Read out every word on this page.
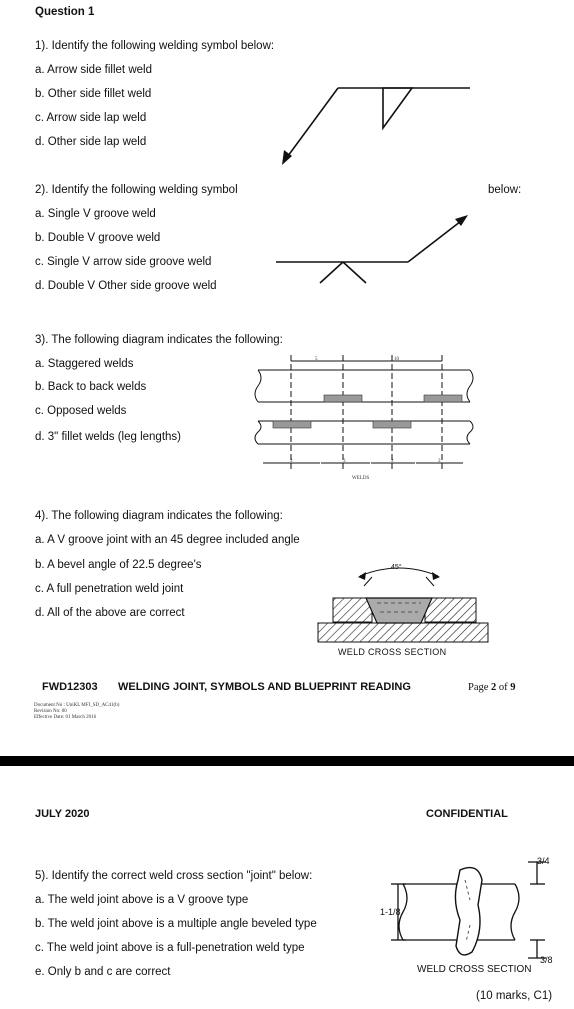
Question 1
1). Identify the following welding symbol below:
a. Arrow side fillet weld
b. Other side fillet weld
c. Arrow side lap weld
d. Other side lap weld
2). Identify the following welding symbol	below:
a. Single V groove weld
b. Double V groove weld
c. Single V arrow side groove weld
d. Double V Other side groove weld
3). The following diagram indicates the following:
a. Staggered welds
b. Back to back welds
c. Opposed welds
d. 3" fillet welds (leg lengths)
5	10
3	3	3	3
WELDS
4). The following diagram indicates the following:
a. A V groove joint with an 45 degree included angle
b. A bevel angle of 22.5 degree's
c. A full penetration weld joint
d. All of the above are correct
45°
WELD CROSS SECTION
FWD12303 WELDING JOINT, SYMBOLS AND BLUEPRINT READING	Page 2 of 9
Document No : UniKL MFI_SD_AC41(b)
Revision No: 00
Effective Date: 01 March 2016
JULY 2020	CONFIDENTIAL
5). Identify the correct weld cross section "joint" below:
a. The weld joint above is a V groove type
b. The weld joint above is a multiple angle beveled type
c. The weld joint above is a full-penetration weld type
e. Only b and c are correct
3/4
1-1/8
3/8
WELD CROSS SECTION
(10 marks, C1)
